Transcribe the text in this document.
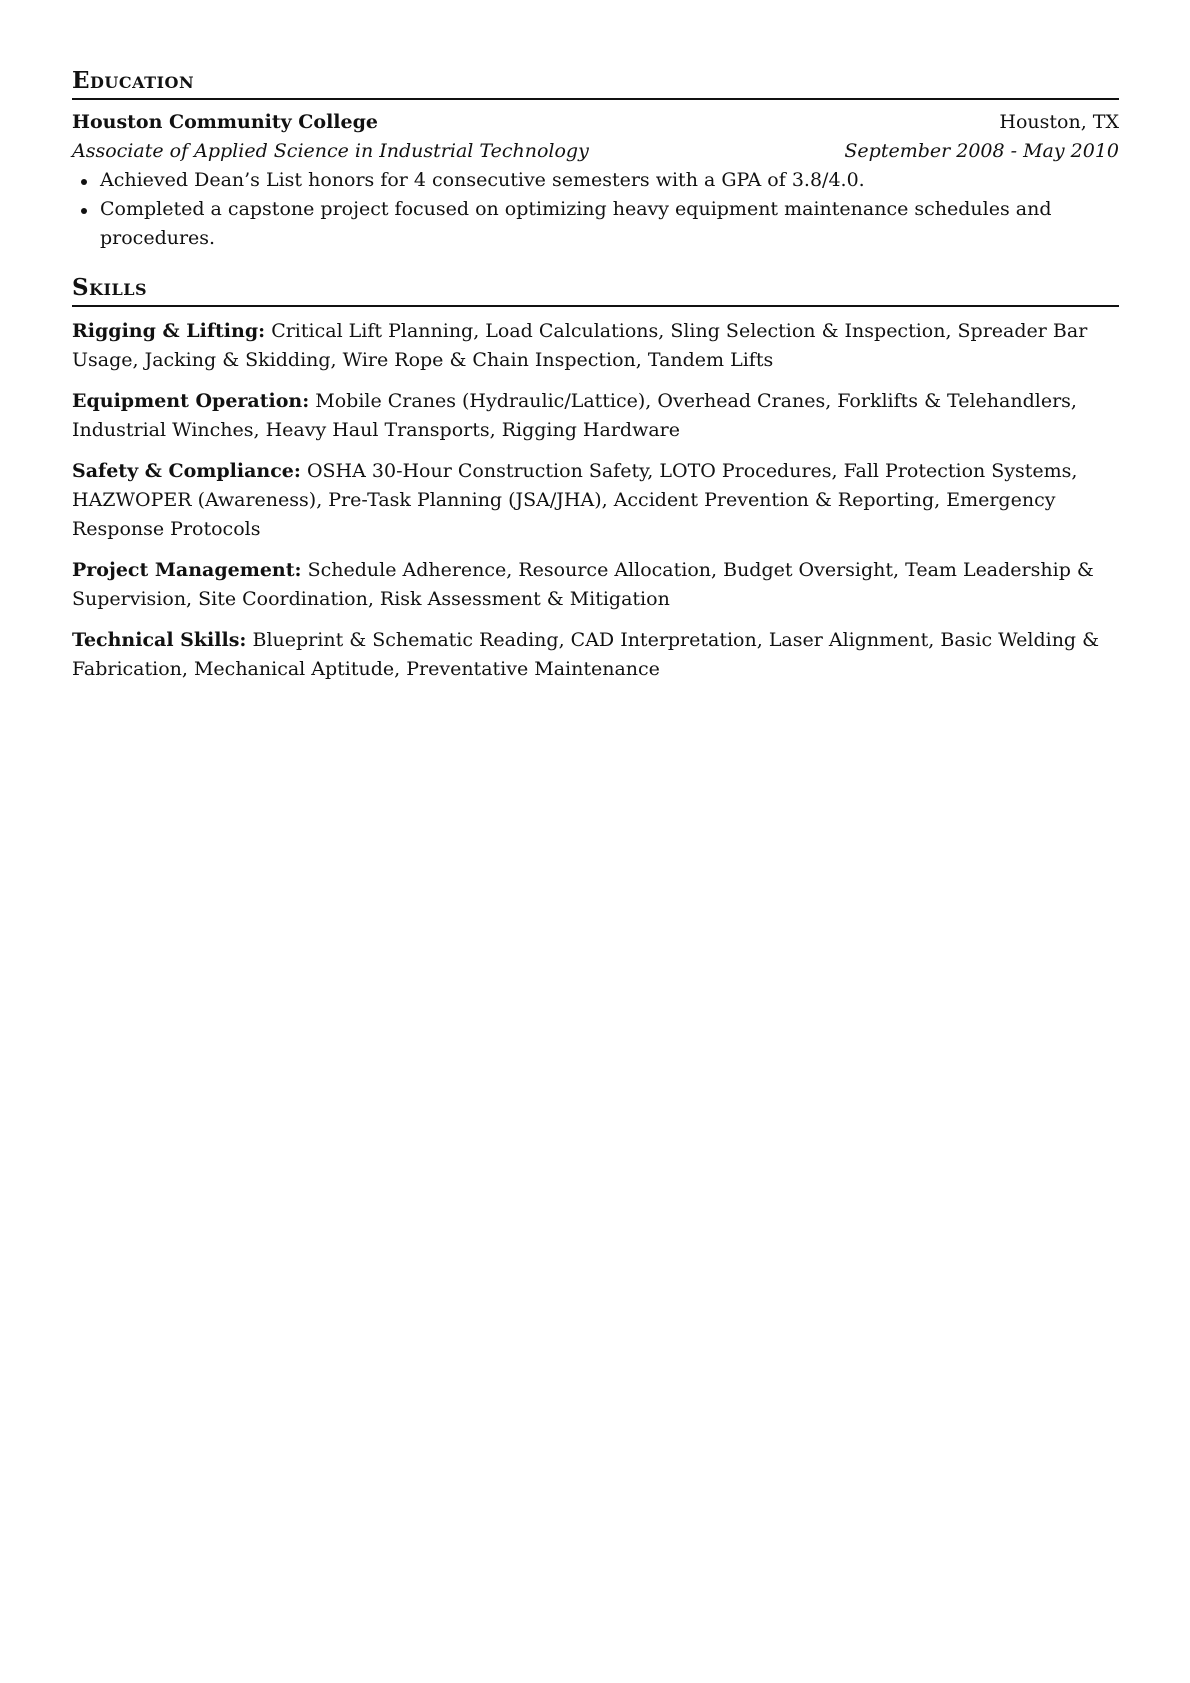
Education
Houston Community College	Houston, TX
Associate of Applied Science in Industrial Technology	September 2008 - May 2010
Achieved Dean’s List honors for 4 consecutive semesters with a GPA of 3.8/4.0.
Completed a capstone project focused on optimizing heavy equipment maintenance schedules and procedures.
Skills
Rigging & Lifting: Critical Lift Planning, Load Calculations, Sling Selection & Inspection, Spreader Bar Usage, Jacking & Skidding, Wire Rope & Chain Inspection, Tandem Lifts
Equipment Operation: Mobile Cranes (Hydraulic/Lattice), Overhead Cranes, Forklifts & Telehandlers, Industrial Winches, Heavy Haul Transports, Rigging Hardware
Safety & Compliance: OSHA 30-Hour Construction Safety, LOTO Procedures, Fall Protection Systems, HAZWOPER (Awareness), Pre-Task Planning (JSA/JHA), Accident Prevention & Reporting, Emergency Response Protocols
Project Management: Schedule Adherence, Resource Allocation, Budget Oversight, Team Leadership & Supervision, Site Coordination, Risk Assessment & Mitigation
Technical Skills: Blueprint & Schematic Reading, CAD Interpretation, Laser Alignment, Basic Welding & Fabrication, Mechanical Aptitude, Preventative Maintenance
